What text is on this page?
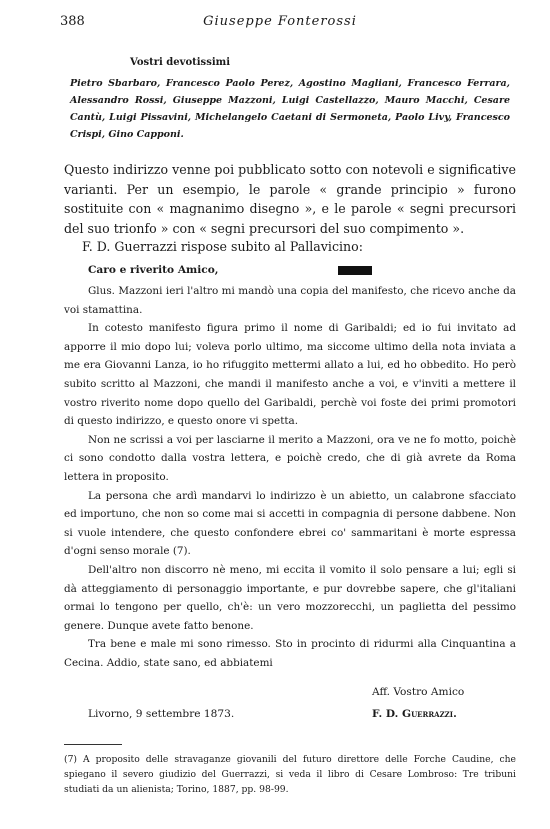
388	Giuseppe Fonterossi
Vostri devotissimi
Pietro Sbarbaro, Francesco Paolo Perez, Agostino Magliani, Francesco Ferrara, Alessandro Rossi, Giuseppe Mazzoni, Luigi Castellazzo, Mauro Macchi, Cesare Cantù, Luigi Pissavini, Michelangelo Caetani di Sermoneta, Paolo Livy, Francesco Crispi, Gino Capponi.
Questo indirizzo venne poi pubblicato sotto con notevoli e significative varianti. Per un esempio, le parole « grande principio » furono sostituite con « magnanimo disegno », e le parole « segni precursori del suo trionfo » con « segni precursori del suo compimento ».
F. D. Guerrazzi rispose subito al Pallavicino:
Caro e riverito Amico,

Glus. Mazzoni ieri l'altro mi mandò una copia del manifesto, che ricevo anche da voi stamattina.

In cotesto manifesto figura primo il nome di Garibaldi; ed io fui invitato ad apporre il mio dopo lui; voleva porlo ultimo, ma siccome ultimo della nota inviata a me era Giovanni Lanza, io ho rifuggito mettermi allato a lui, ed ho obbedito. Ho però subito scritto al Mazzoni, che mandi il manifesto anche a voi, e v'inviti a mettere il vostro riverito nome dopo quello del Garibaldi, perchè voi foste dei primi promotori di questo indirizzo, e questo onore vi spetta.

Non ne scrissi a voi per lasciarne il merito a Mazzoni, ora ve ne fo motto, poichè ci sono condotto dalla vostra lettera, e poichè credo, che di già avrete da Roma lettera in proposito.

La persona che ardì mandarvi lo indirizzo è un abietto, un calabrone sfacciato ed importuno, che non so come mai si accetti in compagnia di persone dabbene. Non si vuole intendere, che questo confondere ebrei co' sammaritani è morte espressa d'ogni senso morale (7).

Dell'altro non discorro nè meno, mi eccita il vomito il solo pensare a lui; egli si dà atteggiamento di personaggio importante, e pur dovrebbe sapere, che gl'italiani ormai lo tengono per quello, ch'è: un vero mozzorecchi, un paglietta del pessimo genere. Dunque avete fatto benone.

Tra bene e male mi sono rimesso. Sto in procinto di ridurmi alla Cinquantina a Cecina. Addio, state sano, ed abbiatemi

Aff. Vostro Amico
Livorno, 9 settembre 1873.	F. D. Guerrazzi.
(7) A proposito delle stravaganze giovanili del futuro direttore delle Forche Caudine, che spiegano il severo giudizio del Guerrazzi, si veda il libro di Cesare Lombroso: Tre tribuni studiati da un alienista; Torino, 1887, pp. 98-99.
